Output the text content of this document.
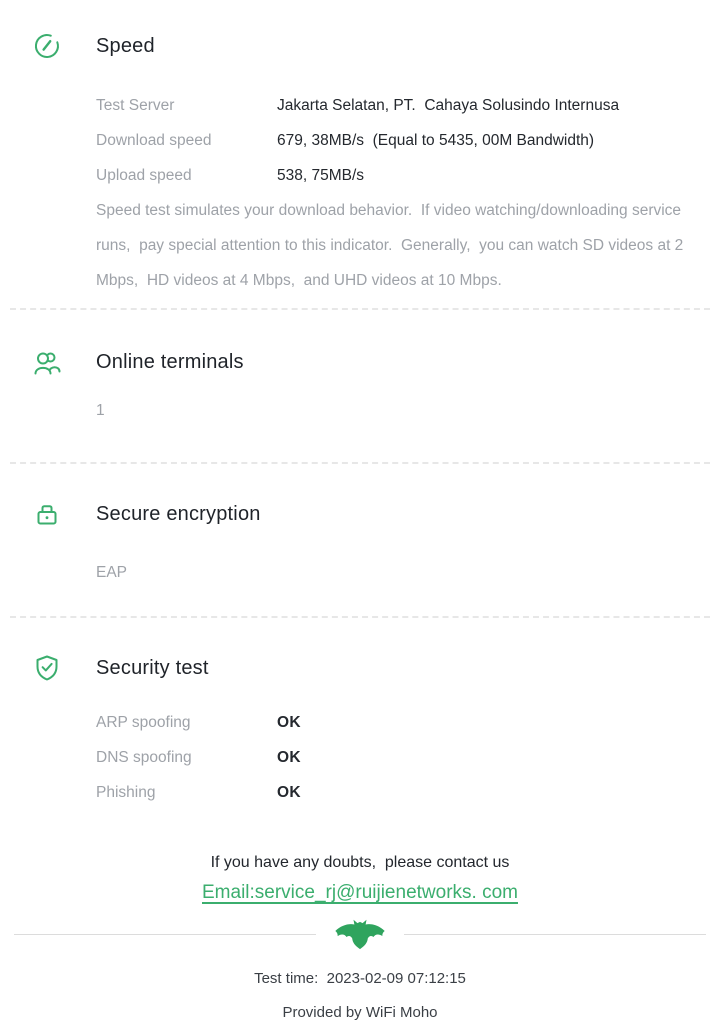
Speed
Test Server	Jakarta Selatan, PT.  Cahaya Solusindo Internusa
Download speed	679, 38MB/s  (Equal to 5435, 00M Bandwidth)
Upload speed	538, 75MB/s

Speed test simulates your download behavior.  If video watching/downloading service runs,  pay special attention to this indicator.  Generally,  you can watch SD videos at 2 Mbps,  HD videos at 4 Mbps,  and UHD videos at 10 Mbps.

Online terminals
1
Secure encryption
EAP
Security test
ARP spoofing	OK
DNS spoofing	OK
Phishing	OK
If you have any doubts,  please contact us
Email:service_rj@ruijienetworks. com
Test time:  2023-02-09 07:12:15
Provided by WiFi Moho
